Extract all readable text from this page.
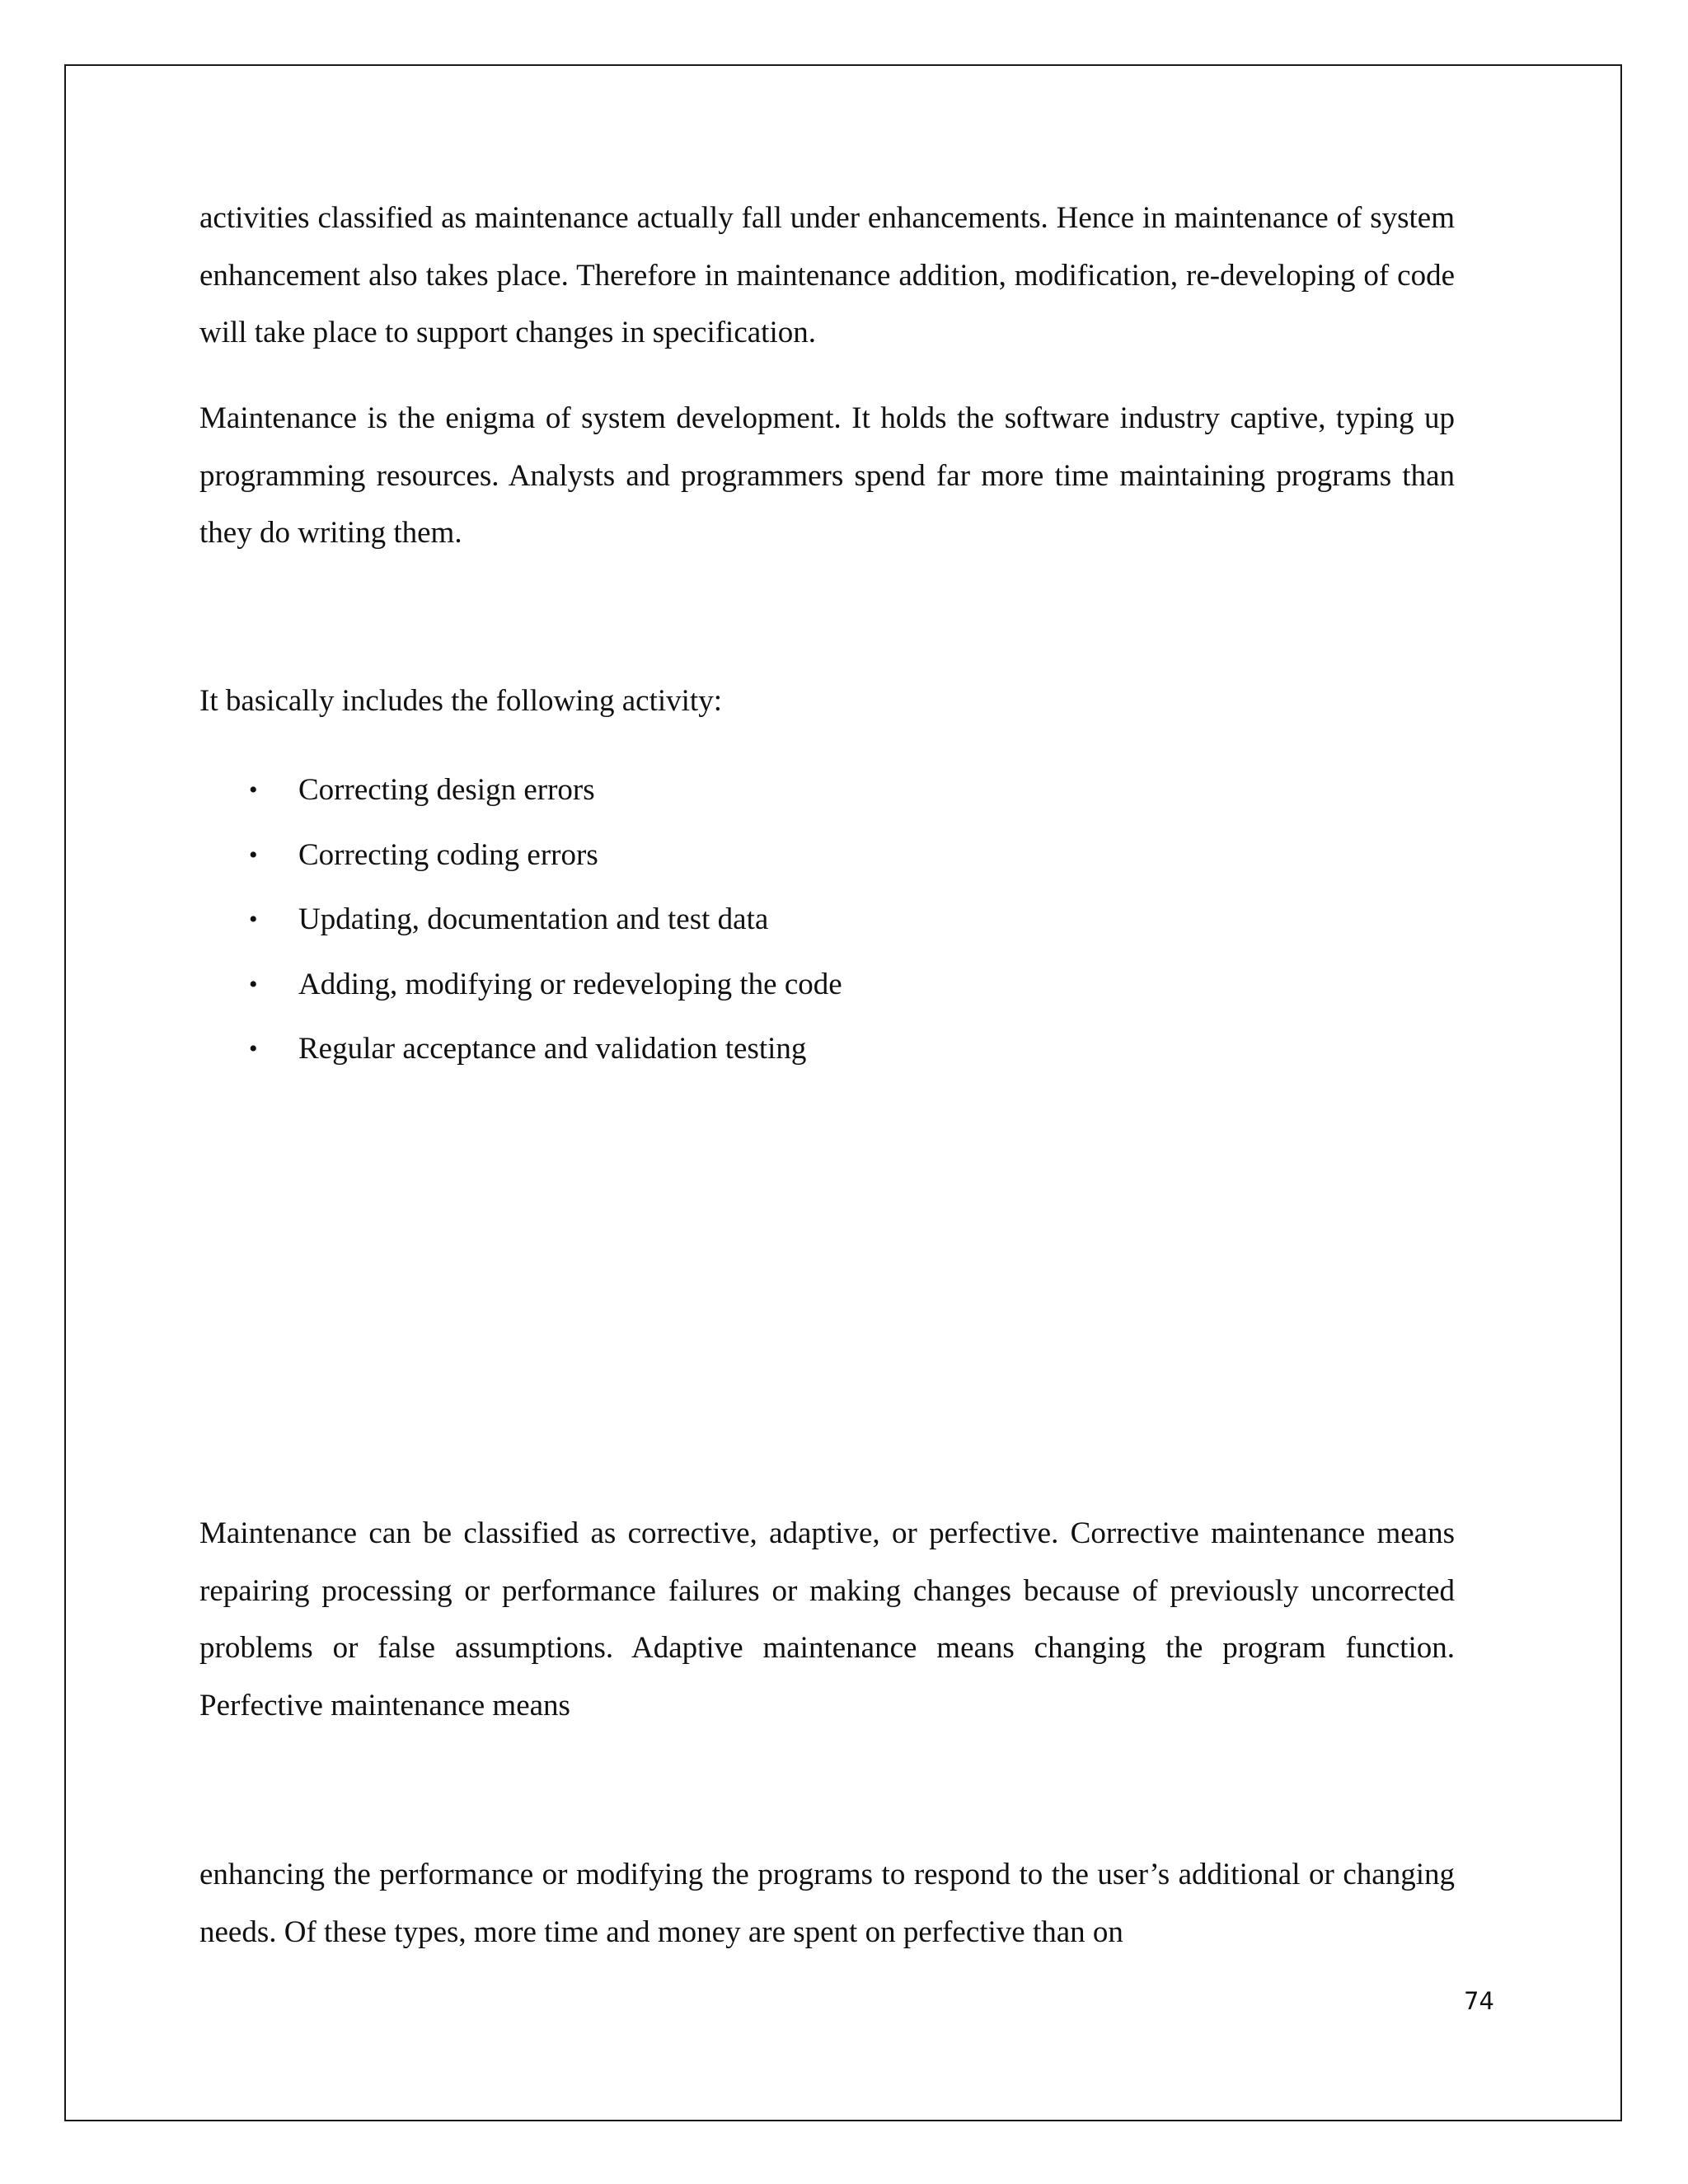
activities classified as maintenance actually fall under enhancements. Hence in maintenance of system enhancement also takes place. Therefore in maintenance addition, modification, re-developing of code will take place to support changes in specification.

Maintenance is the enigma of system development. It holds the software industry captive, typing up programming resources. Analysts and programmers spend far more time maintaining programs than they do writing them.

It basically includes the following activity:

• Correcting design errors
• Correcting coding errors
• Updating, documentation and test data
• Adding, modifying or redeveloping the code
• Regular acceptance and validation testing

Maintenance can be classified as corrective, adaptive, or perfective. Corrective maintenance means repairing processing or performance failures or making changes because of previously uncorrected problems or false assumptions. Adaptive maintenance means changing the program function. Perfective maintenance means

enhancing the performance or modifying the programs to respond to the user’s additional or changing needs. Of these types, more time and money are spent on perfective than on

74
